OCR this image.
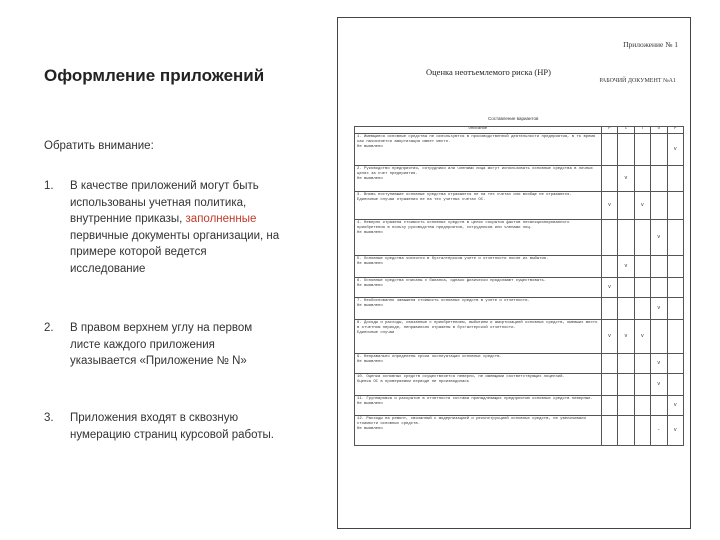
Оформление приложений
Обратить внимание:
1. В качестве приложений могут быть использованы учетная политика, внутренние приказы, заполненные первичные документы организации, на примере которой ведется исследование
2. В правом верхнем углу на первом листе каждого приложения указывается «Приложение № N»
3. Приложения входят в сквозную нумерацию страниц курсовой работы.
Приложение № 1
Оценка неотъемлемого риска (НР)
РАБОЧИЙ ДОКУМЕНТ №А1
Составление вариантов
Описание	Р	С	Т	О	Р
1. Имеющиеся основные средства не используются в производственной деятельности предприятия, в то время как начисляется амортизация имеет место.
Не выявлено					v
2. Руководство предприятия, сотрудники или членами лица могут использовать основные средства в личных целях за счет предприятия.
Не выявлено		v			
3. Вновь поступившие основные средства отражаются не на тех счетах или вообще не отражаются.
Единичные случаи отражения не на тех учетных счетах ОС.	v		v		
4. Неверно отражена стоимость основных средств в целях сокрытия фактов несанкционированного приобретения в пользу руководства предприятия, сотрудников или членами лиц.
Не выявлено				v	
5. Основные средства числятся в бухгалтерском учете и отчетности после их выбытия.
Не выявлено		v			
6. Основные средства списаны с баланса, однако физически продолжают существовать.
Не выявлено	v				
7. Необоснованно завышена стоимость основных средств в учете и отчетности.
Не выявлено				v	
8. Доходы и расходы, связанные с приобретением, выбытием и амортизацией основных средств, имевших место в отчетном периоде, неправильно отражены в бухгалтерской отчетности.
Единичные случаи	v	v	v		
9. Неправильно определены сроки эксплуатации основных средств.
Не выявлено				v	
10. Оценка основных средств осуществляется неверно, не имеющими соответствующих лицензий.
Оценка ОС в проверяемом периоде не производилась				v	
11. Группировка и раскрытие в отчетности состава принадлежащих предприятию основных средств неверные.
Не выявлено					v
12. Расходы на ремонт, связанный с модернизацией и реконструкцией основных средств, не увеличивали стоимости основных средств.
Не выявлено				-	v
